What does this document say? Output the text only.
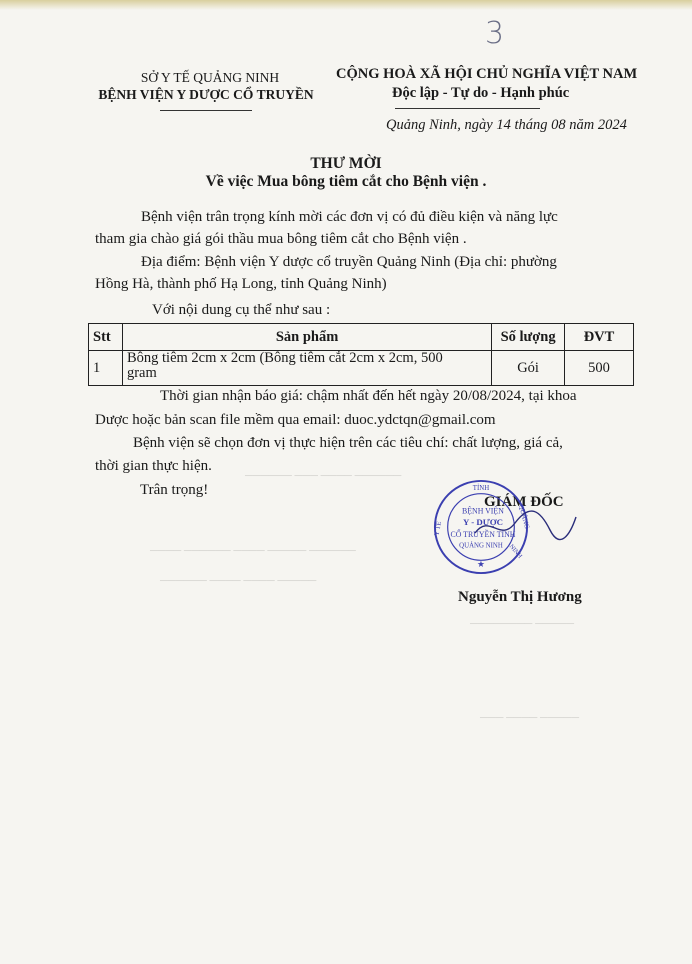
3
SỞ Y TẾ QUẢNG NINH
BỆNH VIỆN Y DƯỢC CỔ TRUYỀN
CỘNG HOÀ XÃ HỘI CHỦ NGHĨA VIỆT NAM
Độc lập - Tự do - Hạnh phúc
Quảng Ninh, ngày 14 tháng 08 năm 2024
THƯ MỜI
Về việc Mua bông tiêm cắt cho Bệnh viện .
Bệnh viện trân trọng kính mời các đơn vị có đủ điều kiện và năng lực
tham gia chào giá gói thầu mua bông tiêm cắt cho Bệnh viện .
Địa điểm: Bệnh viện Y dược cổ truyền Quảng Ninh (Địa chỉ: phường
Hồng Hà, thành phố Hạ Long, tỉnh Quảng Ninh)
Với nội dung cụ thể như sau :
Stt	Sản phẩm	Số lượng	ĐVT
1	Bông tiêm 2cm x 2cm (Bông tiêm cắt 2cm x 2cm, 500
gram	Gói	500
Thời gian nhận báo giá: chậm nhất đến hết ngày 20/08/2024, tại khoa
Dược hoặc bản scan file mềm qua email: duoc.ydctqn@gmail.com
Bệnh viện sẽ chọn đơn vị thực hiện trên các tiêu chí: chất lượng, giá cả,
thời gian thực hiện.
Trân trọng!
────── ─── ──── ──────
──── ────── ──── ───── ──────
────── ──── ──── ─────
──────── ─────
─── ──── ─────
GIÁM ĐỐC
TỈNH
Y TẾ	QUẢNG
NINH
BỆNH VIỆN
Y - DƯỢC
CỔ TRUYỀN TỈNH
QUẢNG NINH
★
Nguyễn Thị Hương
